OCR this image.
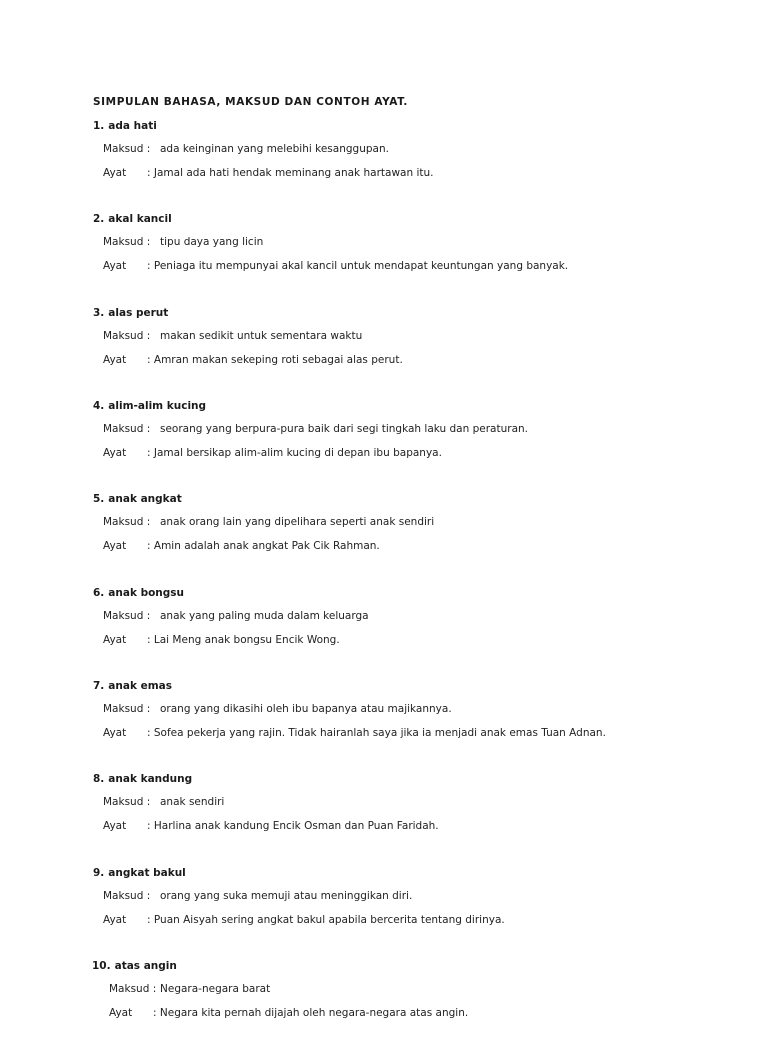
SIMPULAN BAHASA, MAKSUD DAN CONTOH AYAT.
1. ada hati
Maksud : ada keinginan yang melebihi kesanggupan.
Ayat : Jamal ada hati hendak meminang anak hartawan itu.
2. akal kancil
Maksud : tipu daya yang licin
Ayat : Peniaga itu mempunyai akal kancil untuk mendapat keuntungan yang banyak.
3. alas perut
Maksud : makan sedikit untuk sementara waktu
Ayat : Amran makan sekeping roti sebagai alas perut.
4. alim-alim kucing
Maksud : seorang yang berpura-pura baik dari segi tingkah laku dan peraturan.
Ayat : Jamal bersikap alim-alim kucing di depan ibu bapanya.
5. anak angkat
Maksud : anak orang lain yang dipelihara seperti anak sendiri
Ayat : Amin adalah anak angkat Pak Cik Rahman.
6. anak bongsu
Maksud : anak yang paling muda dalam keluarga
Ayat : Lai Meng anak bongsu Encik Wong.
7. anak emas
Maksud : orang yang dikasihi oleh ibu bapanya atau majikannya.
Ayat : Sofea pekerja yang rajin. Tidak hairanlah saya jika ia menjadi anak emas Tuan Adnan.
8. anak kandung
Maksud : anak sendiri
Ayat : Harlina anak kandung Encik Osman dan Puan Faridah.
9. angkat bakul
Maksud : orang yang suka memuji atau meninggikan diri.
Ayat : Puan Aisyah sering angkat bakul apabila bercerita tentang dirinya.
10. atas angin
Maksud : Negara-negara barat
Ayat : Negara kita pernah dijajah oleh negara-negara atas angin.
